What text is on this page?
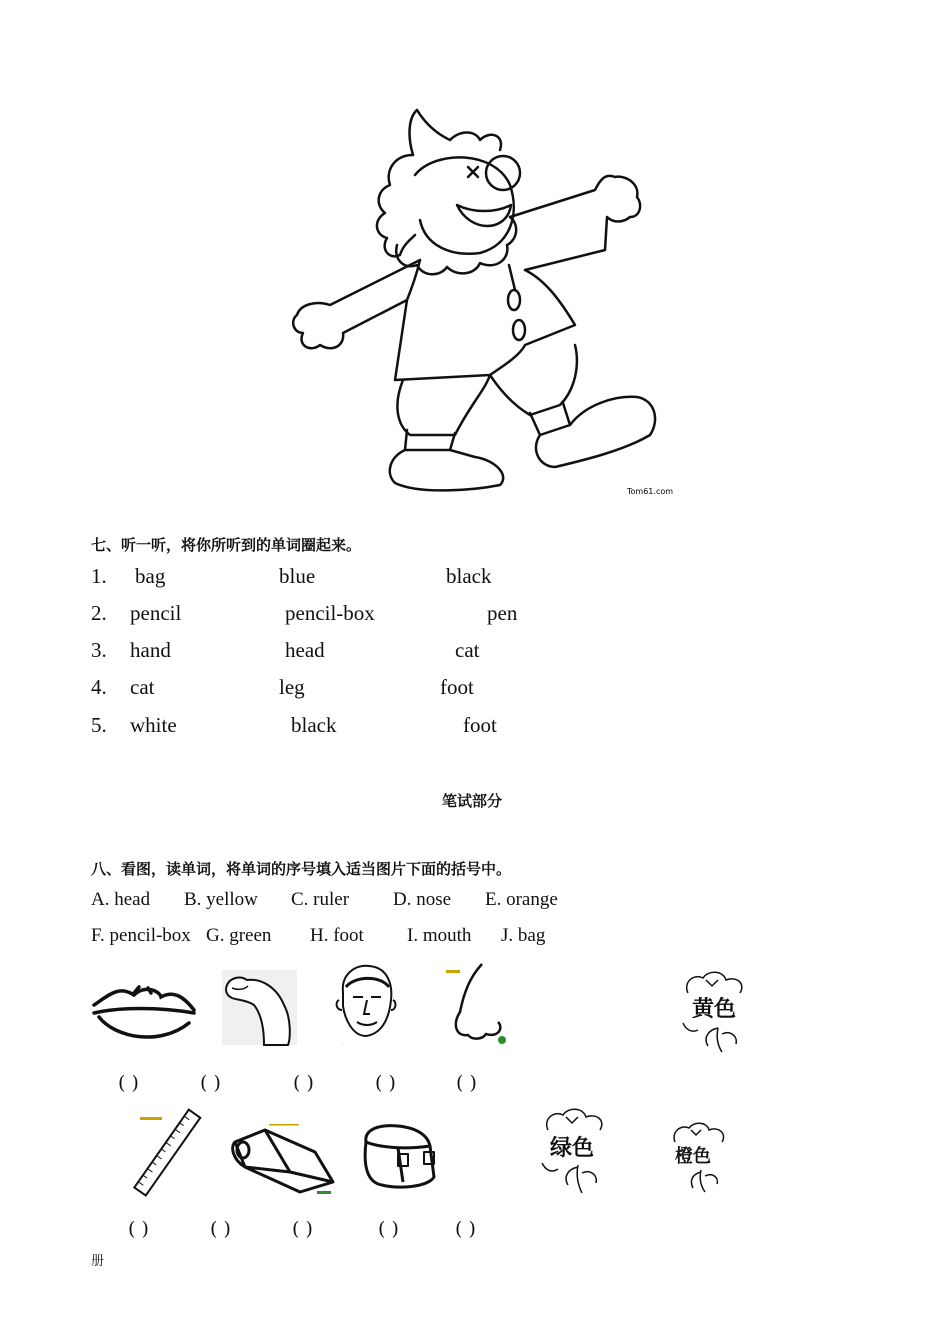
Tom61.com
七、听一听，将你所听到的单词圈起来。
1. bag	blue	black
2. pencil	pencil-box	pen
3. hand	head	cat
4. cat	leg	foot
5. white	black	foot
笔试部分
八、看图，读单词，将单词的序号填入适当图片下面的括号中。
A. head B. yellow C. ruler D. nose E. orange
F. pencil-box G. green H. foot I. mouth J. bag
.
黄色
( )	( )	( )	( )	( )
绿色	橙色
( )	( )	( )	( )	( )
册
